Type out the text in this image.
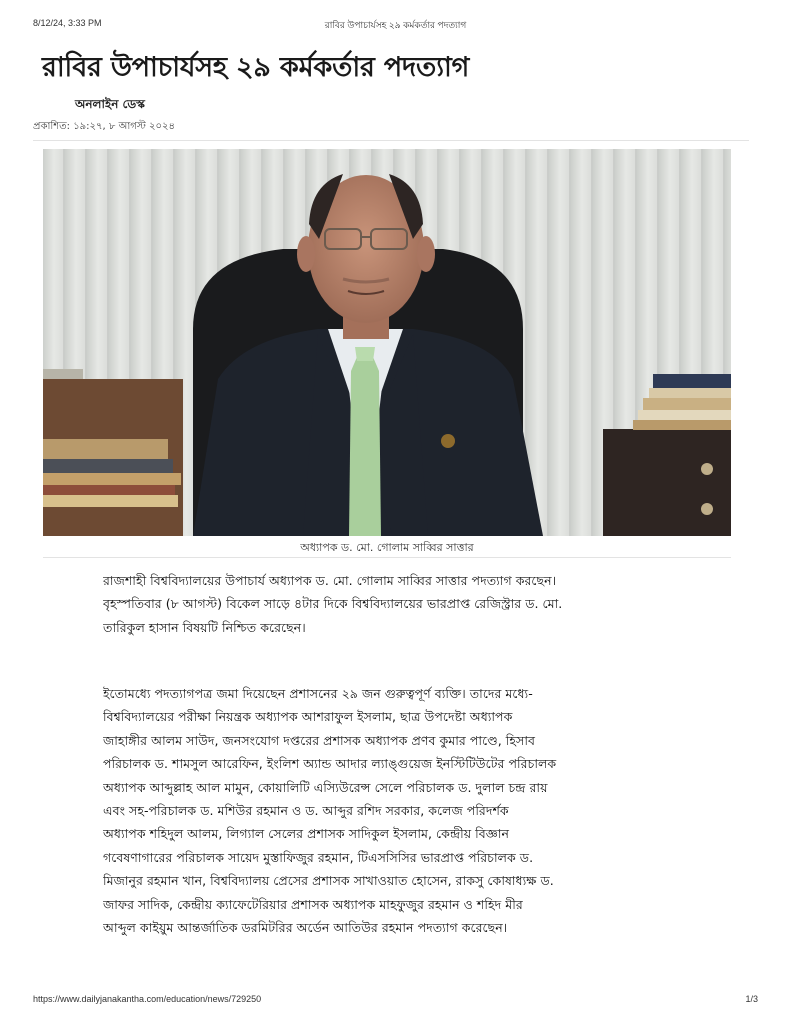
8/12/24, 3:33 PM	রাবির উপাচার্যসহ ২৯ কর্মকর্তার পদত্যাগ
রাবির উপাচার্যসহ ২৯ কর্মকর্তার পদত্যাগ
অনলাইন ডেস্ক
প্রকাশিত: ১৯:২৭, ৮ আগস্ট ২০২৪
অধ্যাপক ড. মো. গোলাম সাব্বির সাত্তার

রাজশাহী বিশ্ববিদ্যালয়ের উপাচার্য অধ্যাপক ড. মো. গোলাম সাব্বির সাত্তার পদত্যাগ করছেন।
বৃহস্পতিবার (৮ আগস্ট) বিকেল সাড়ে ৪টার দিকে বিশ্ববিদ্যালয়ের ভারপ্রাপ্ত রেজিস্ট্রার ড. মো.
তারিকুল হাসান বিষয়টি নিশ্চিত করেছেন।

ইতোমধ্যে পদত্যাগপত্র জমা দিয়েছেন প্রশাসনের ২৯ জন গুরুত্বপূর্ণ ব্যক্তি। তাদের মধ্যে-
বিশ্ববিদ্যালয়ের পরীক্ষা নিয়ন্ত্রক অধ্যাপক আশরাফুল ইসলাম, ছাত্র উপদেষ্টা অধ্যাপক
জাহাঙ্গীর আলম সাউদ, জনসংযোগ দপ্তরের প্রশাসক অধ্যাপক প্রণব কুমার পাণ্ডে, হিসাব
পরিচালক ড. শামসুল আরেফিন, ইংলিশ অ্যান্ড আদার ল্যাঙ্গুয়েজ ইনস্টিটিউটের পরিচালক
অধ্যাপক আব্দুল্লাহ আল মামুন, কোয়ালিটি এস্যিউরেন্স সেলে পরিচালক ড. দুলাল চন্দ্র রায়
এবং সহ-পরিচালক ড. মশিউর রহমান ও ড. আব্দুর রশিদ সরকার, কলেজ পরিদর্শক
অধ্যাপক শহিদুল আলম, লিগ্যাল সেলের প্রশাসক সাদিকুল ইসলাম, কেন্দ্রীয় বিজ্ঞান
গবেষণাগারের পরিচালক সায়েদ মুস্তাফিজুর রহমান, টিএসসিসির ভারপ্রাপ্ত পরিচালক ড.
মিজানুর রহমান খান, বিশ্ববিদ্যালয় প্রেসের প্রশাসক সাখাওয়াত হোসেন, রাকসু কোষাধ্যক্ষ ড.
জাফর সাদিক, কেন্দ্রীয় ক্যাফেটেরিয়ার প্রশাসক অধ্যাপক মাহফুজুর রহমান ও শহিদ মীর
আব্দুল কাইয়ুম আন্তর্জাতিক ডরমিটরির অর্ডেন আতিউর রহমান পদত্যাগ করেছেন।

https://www.dailyjanakantha.com/education/news/729250	1/3
